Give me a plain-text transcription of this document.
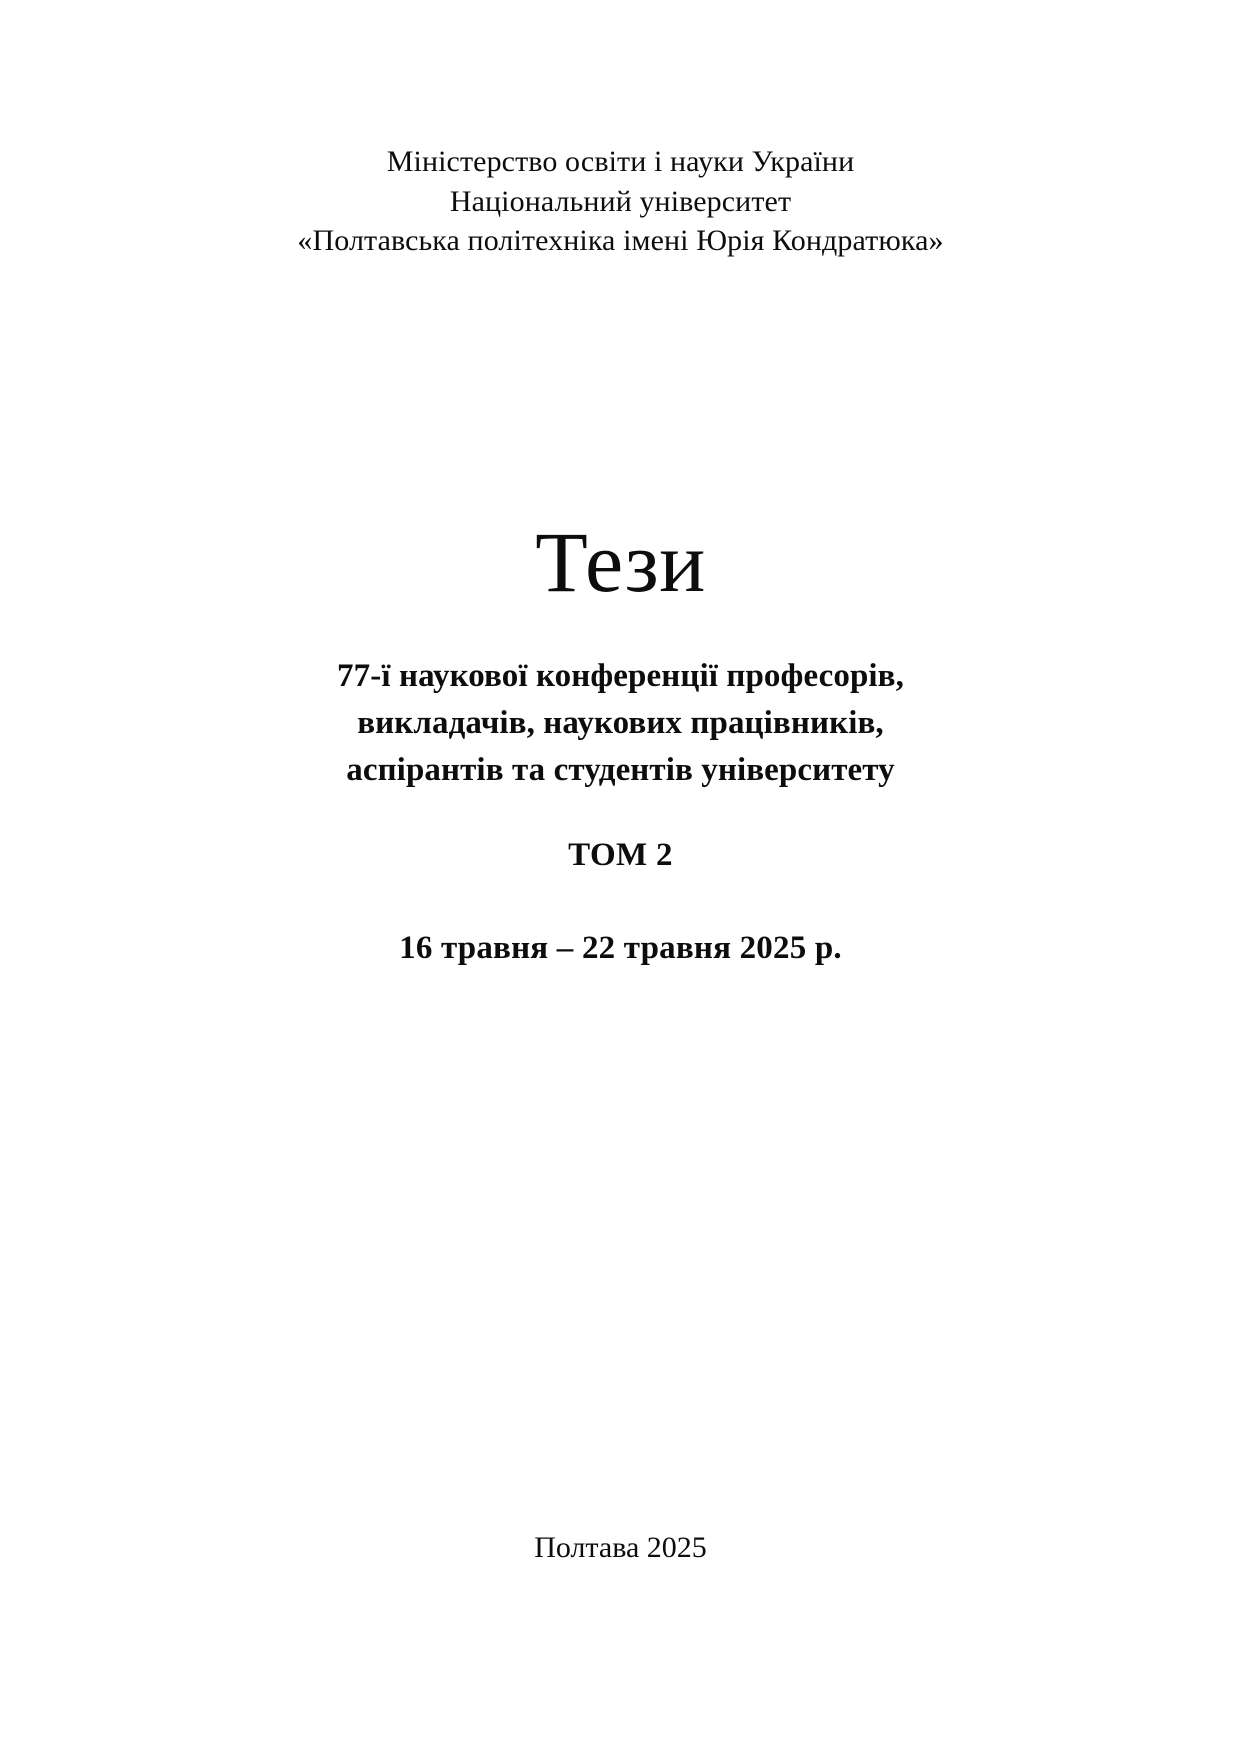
Міністерство освіти і науки України
Національний університет
«Полтавська політехніка імені Юрія Кондратюка»
Тези
77-ї наукової конференції професорів,
викладачів, наукових працівників,
аспірантів та студентів університету
ТОМ 2
16 травня – 22 травня 2025 р.
Полтава 2025
